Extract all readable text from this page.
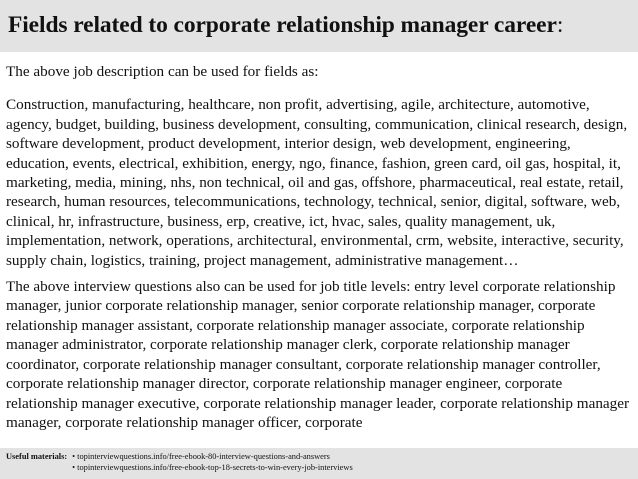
Fields related to corporate relationship manager career:

The above job description can be used for fields as:

Construction, manufacturing, healthcare, non profit, advertising, agile, architecture, automotive, agency, budget, building, business development, consulting, communication, clinical research, design, software development, product development, interior design, web development, engineering, education, events, electrical, exhibition, energy, ngo, finance, fashion, green card, oil gas, hospital, it, marketing, media, mining, nhs, non technical, oil and gas, offshore, pharmaceutical, real estate, retail, research, human resources, telecommunications, technology, technical, senior, digital, software, web, clinical, hr, infrastructure, business, erp, creative, ict, hvac, sales, quality management, uk, implementation, network, operations, architectural, environmental, crm, website, interactive, security, supply chain, logistics, training, project management, administrative management…

The above interview questions also can be used for job title levels: entry level corporate relationship manager, junior corporate relationship manager, senior corporate relationship manager, corporate relationship manager assistant, corporate relationship manager associate, corporate relationship manager administrator, corporate relationship manager clerk, corporate relationship manager coordinator, corporate relationship manager consultant, corporate relationship manager controller, corporate relationship manager director, corporate relationship manager engineer, corporate relationship manager executive, corporate relationship manager leader, corporate relationship manager manager, corporate relationship manager officer, corporate

Useful materials: • topinterviewquestions.info/free-ebook-80-interview-questions-and-answers
• topinterviewquestions.info/free-ebook-top-18-secrets-to-win-every-job-interviews
